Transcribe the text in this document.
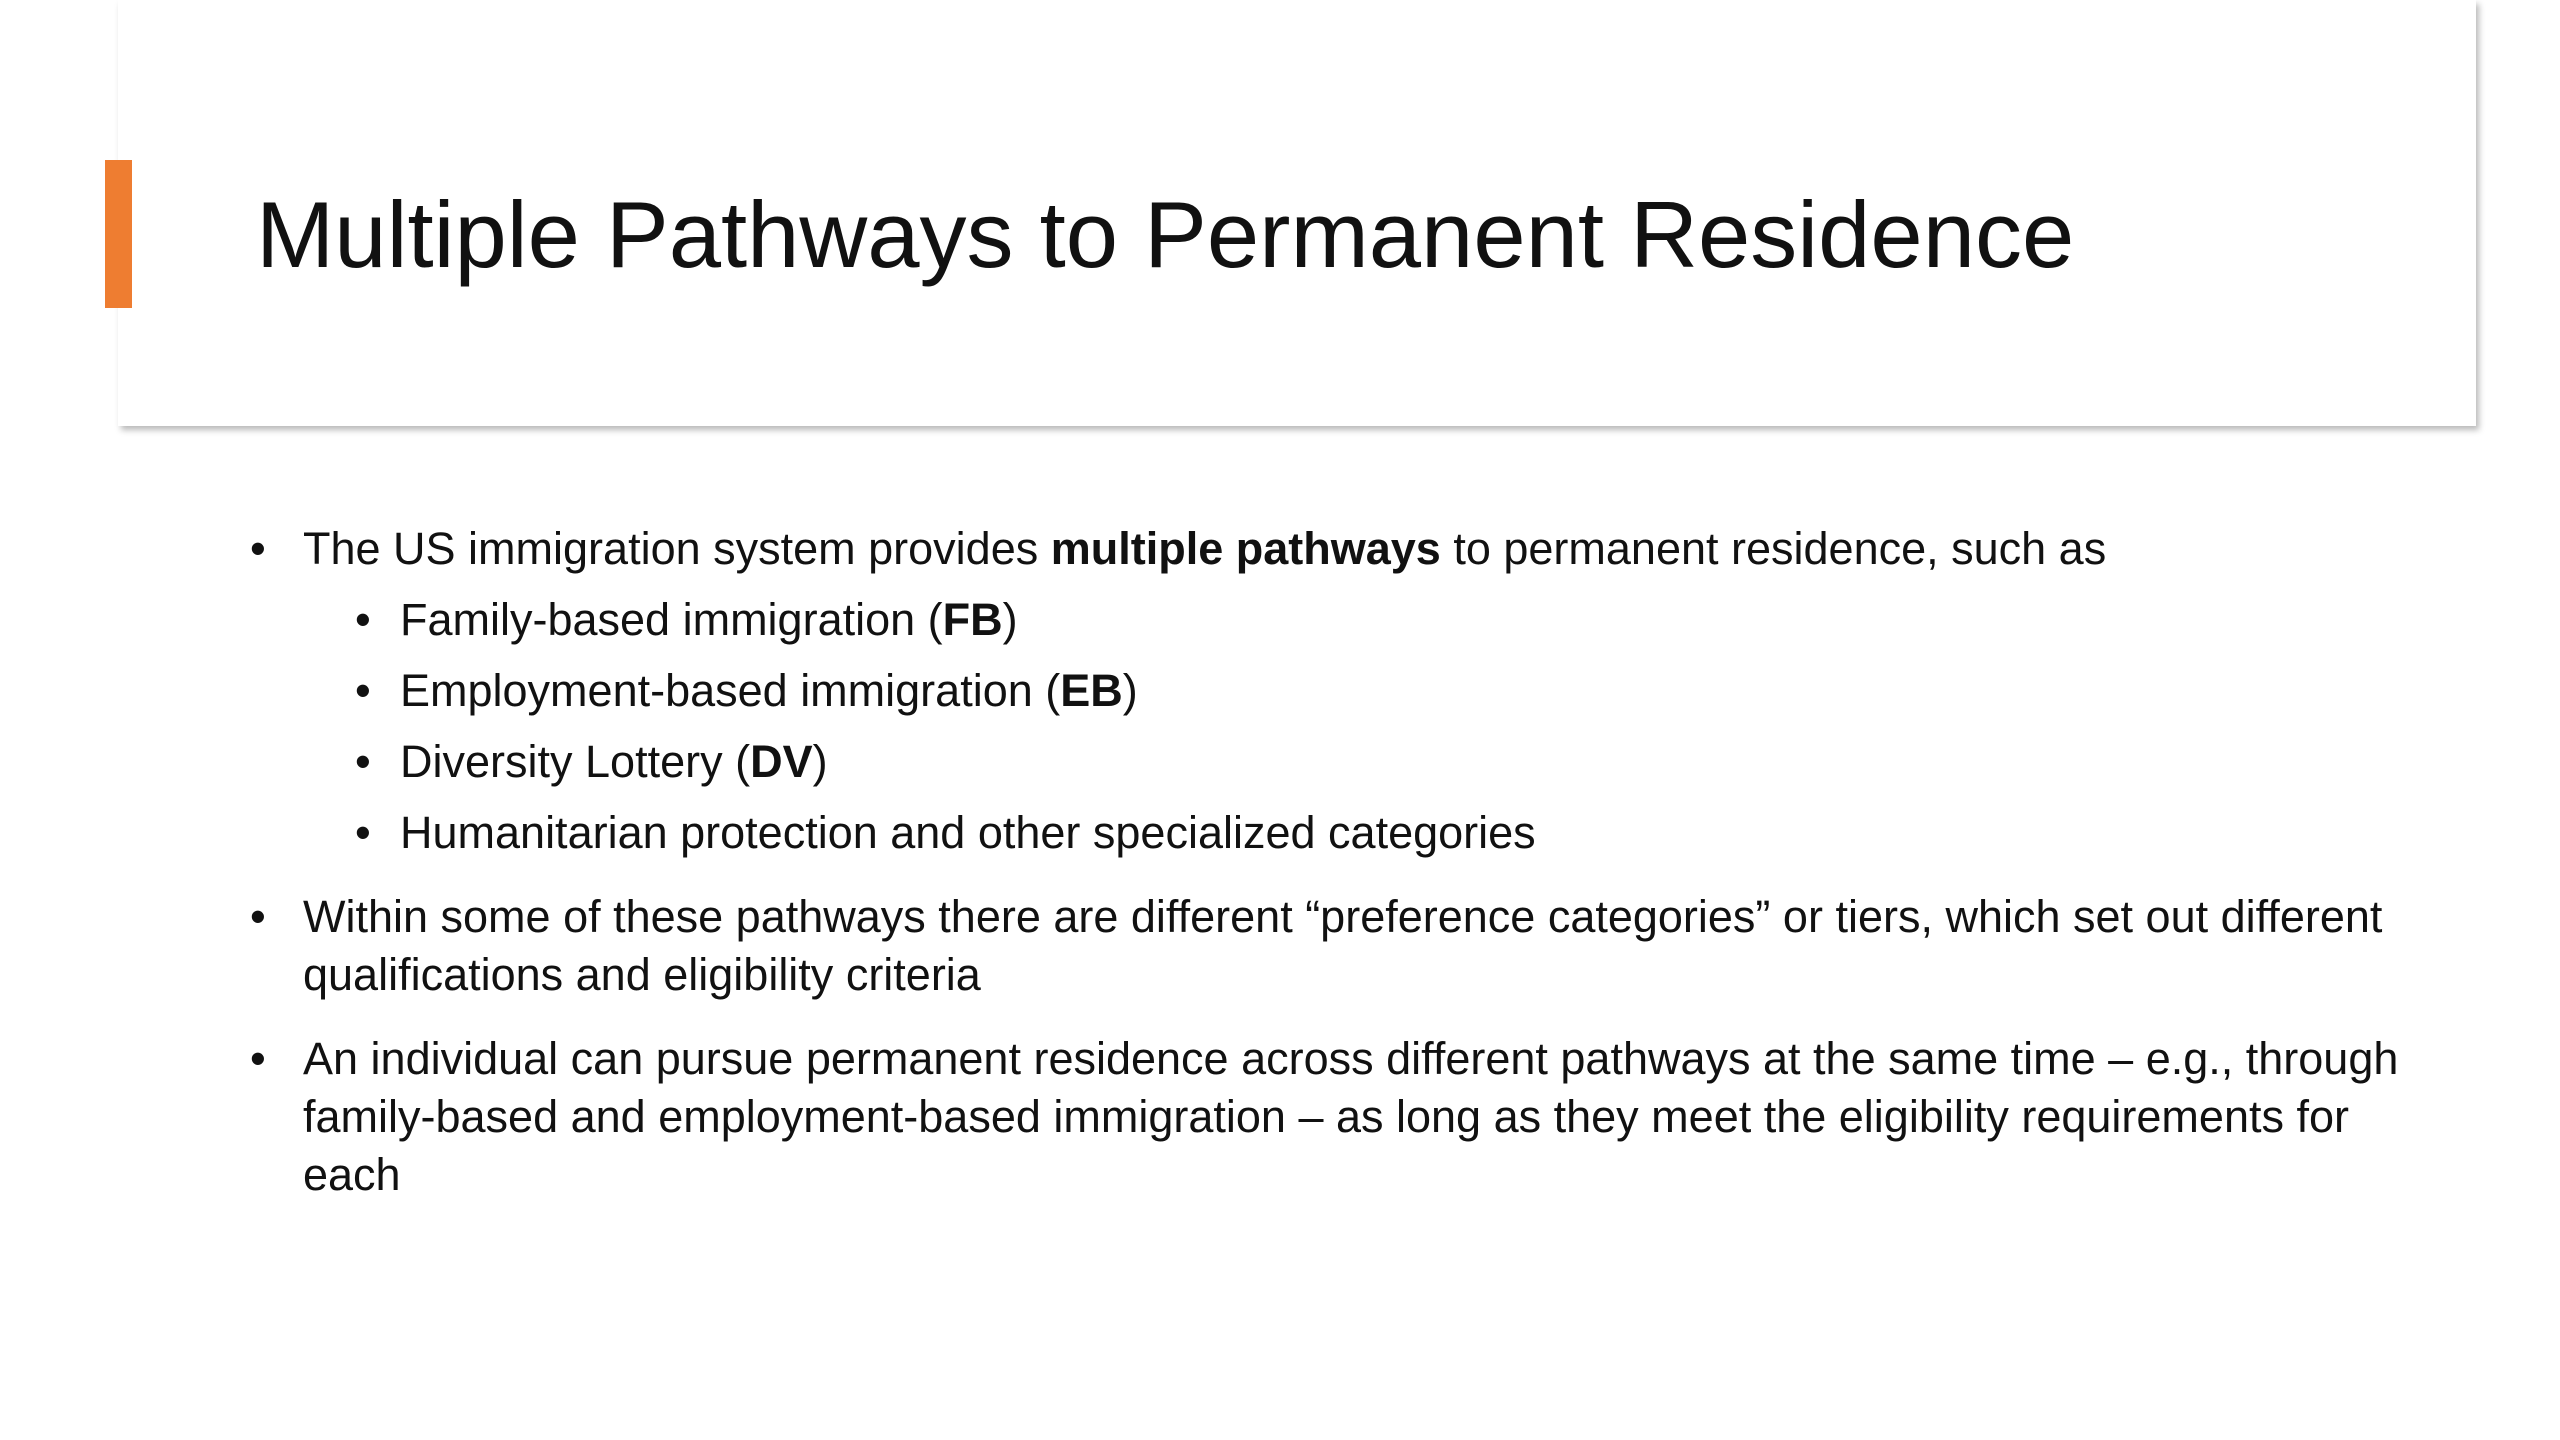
Multiple Pathways to Permanent Residence
• The US immigration system provides multiple pathways to permanent residence, such as
• Family-based immigration (FB)
• Employment-based immigration (EB)
• Diversity Lottery (DV)
• Humanitarian protection and other specialized categories
• Within some of these pathways there are different “preference categories” or tiers, which set out different qualifications and eligibility criteria
• An individual can pursue permanent residence across different pathways at the same time – e.g., through family-based and employment-based immigration – as long as they meet the eligibility requirements for each
